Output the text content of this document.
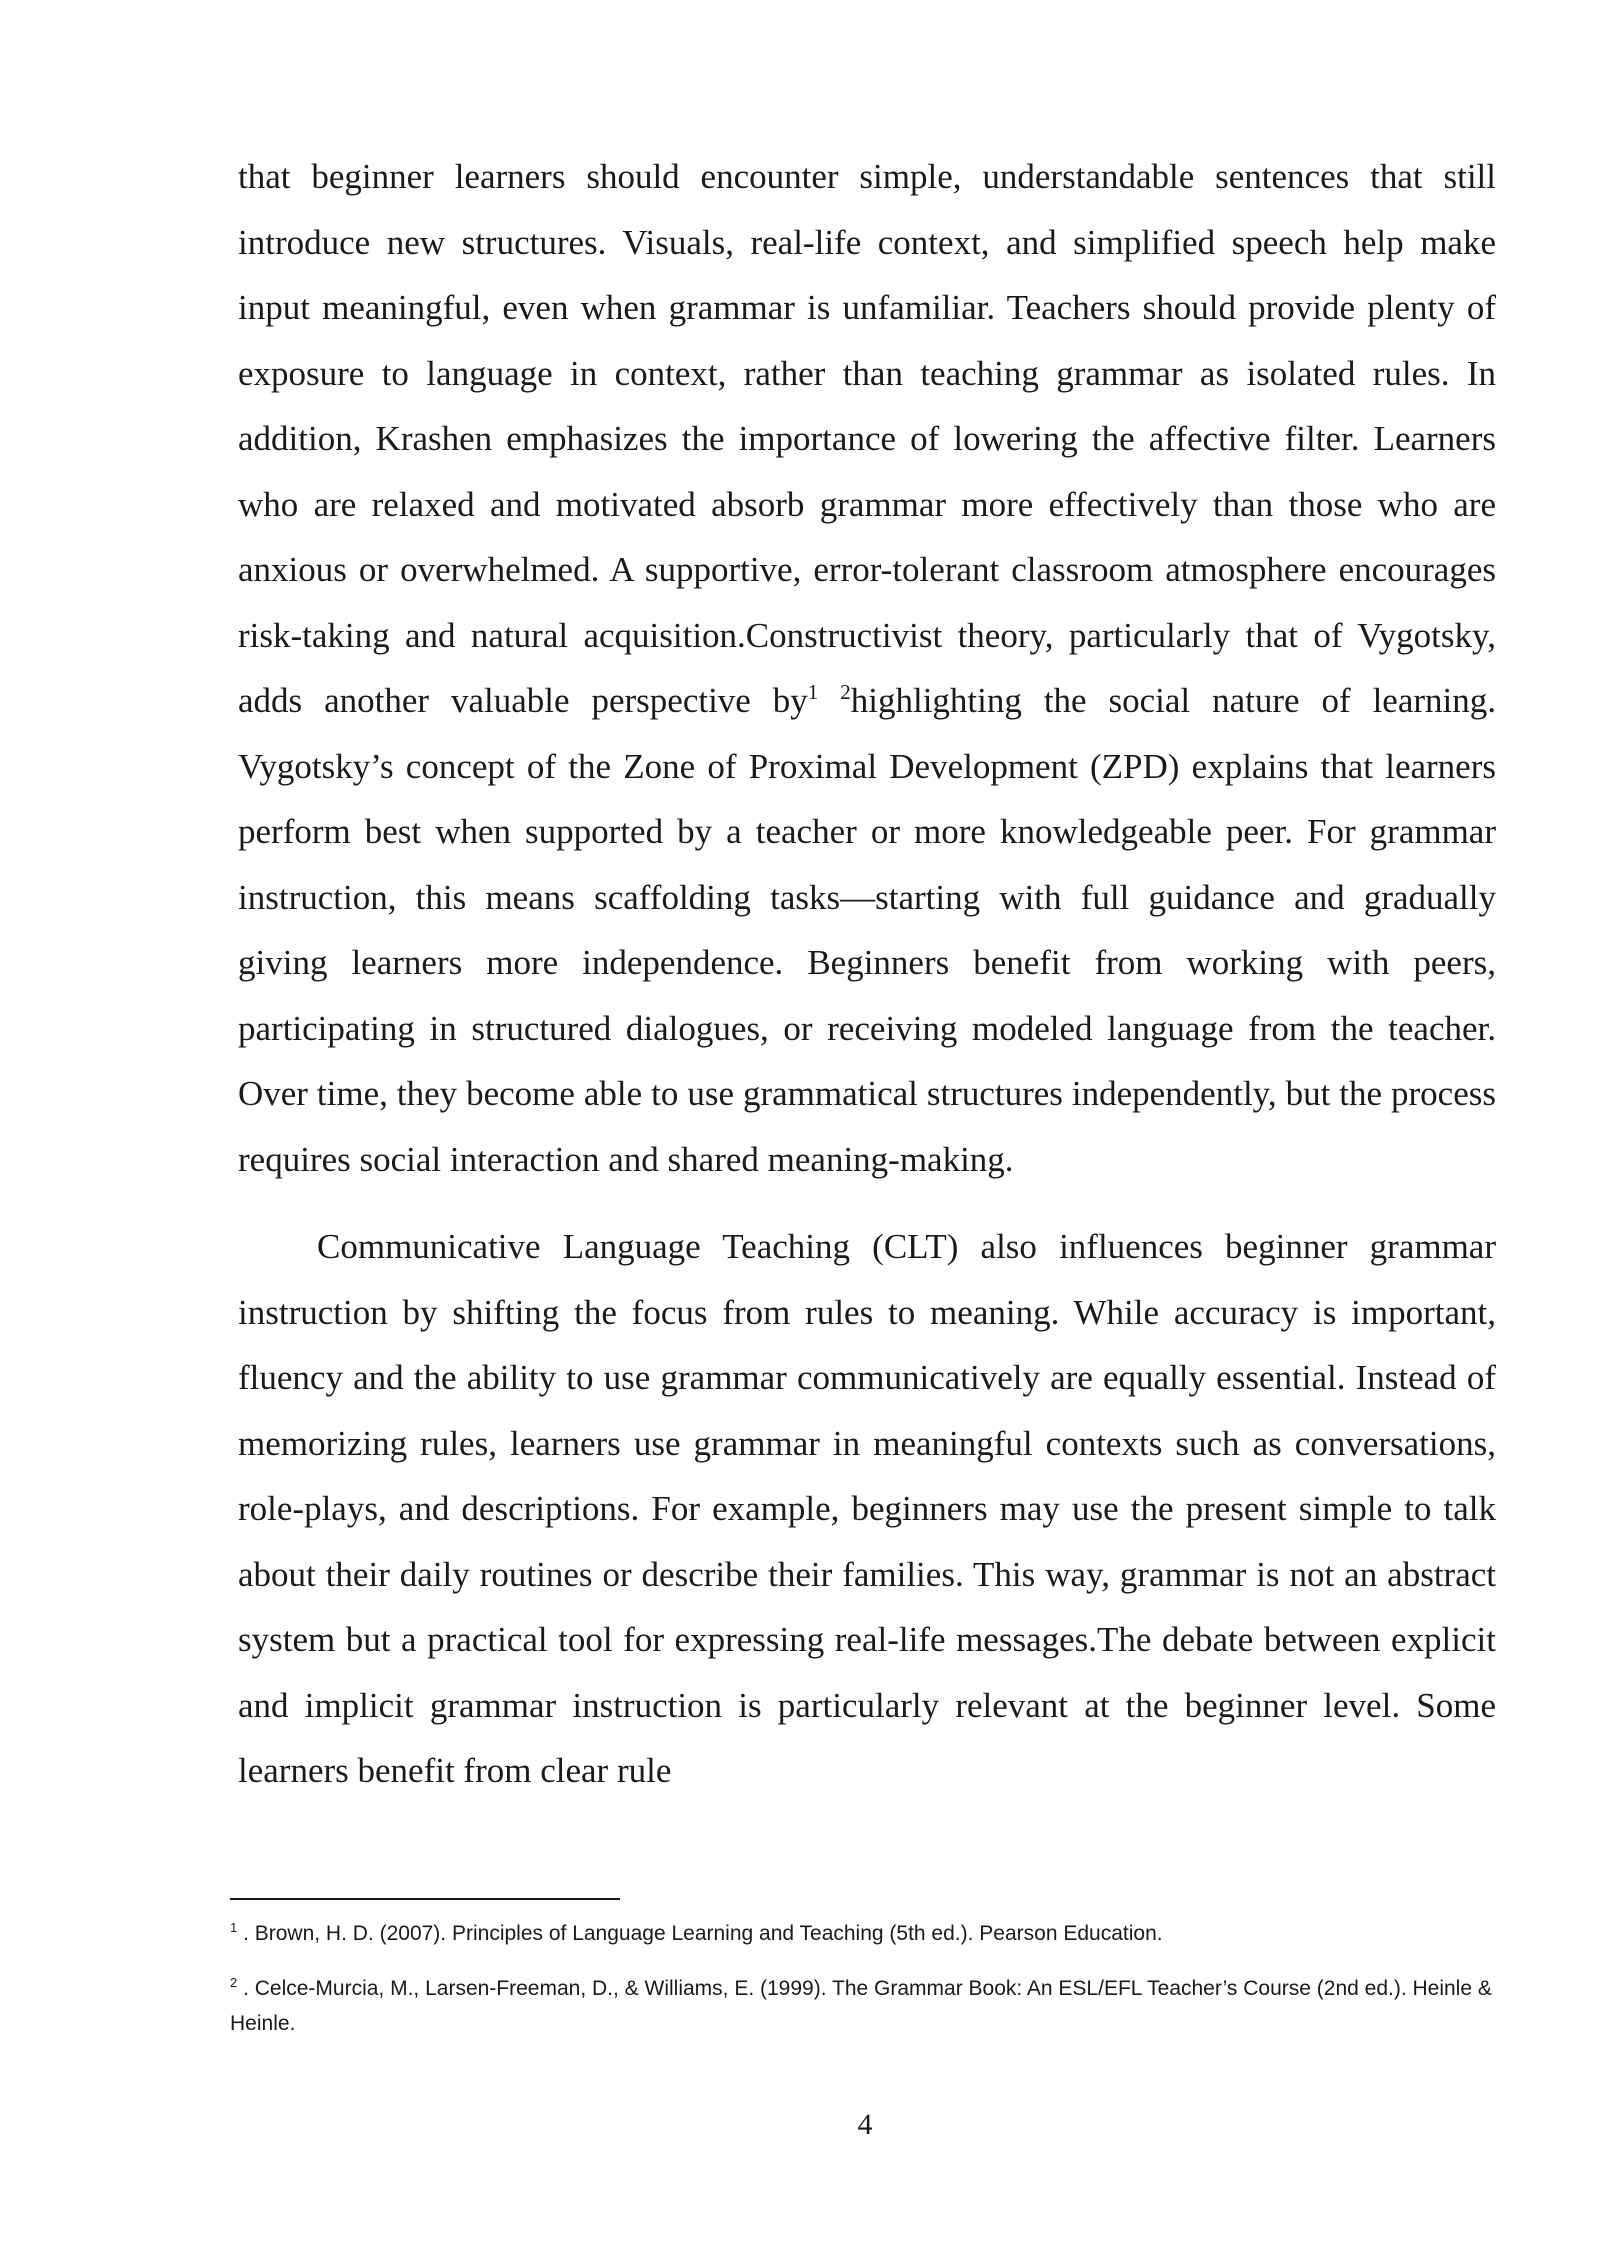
that beginner learners should encounter simple, understandable sentences that still introduce new structures. Visuals, real-life context, and simplified speech help make input meaningful, even when grammar is unfamiliar. Teachers should provide plenty of exposure to language in context, rather than teaching grammar as isolated rules. In addition, Krashen emphasizes the importance of lowering the affective filter. Learners who are relaxed and motivated absorb grammar more effectively than those who are anxious or overwhelmed. A supportive, error-tolerant classroom atmosphere encourages risk-taking and natural acquisition.Constructivist theory, particularly that of Vygotsky, adds another valuable perspective by$^1$ $^2$highlighting the social nature of learning. Vygotsky’s concept of the Zone of Proximal Development (ZPD) explains that learners perform best when supported by a teacher or more knowledgeable peer. For grammar instruction, this means scaffolding tasks—starting with full guidance and gradually giving learners more independence. Beginners benefit from working with peers, participating in structured dialogues, or receiving modeled language from the teacher. Over time, they become able to use grammatical structures independently, but the process requires social interaction and shared meaning-making.

Communicative Language Teaching (CLT) also influences beginner grammar instruction by shifting the focus from rules to meaning. While accuracy is important, fluency and the ability to use grammar communicatively are equally essential. Instead of memorizing rules, learners use grammar in meaningful contexts such as conversations, role-plays, and descriptions. For example, beginners may use the present simple to talk about their daily routines or describe their families. This way, grammar is not an abstract system but a practical tool for expressing real-life messages.The debate between explicit and implicit grammar instruction is particularly relevant at the beginner level. Some learners benefit from clear rule

$^1$ . Brown, H. D. (2007). Principles of Language Learning and Teaching (5th ed.). Pearson Education.

$^2$ . Celce-Murcia, M., Larsen-Freeman, D., & Williams, E. (1999). The Grammar Book: An ESL/EFL Teacher’s Course (2nd ed.). Heinle & Heinle.

4
